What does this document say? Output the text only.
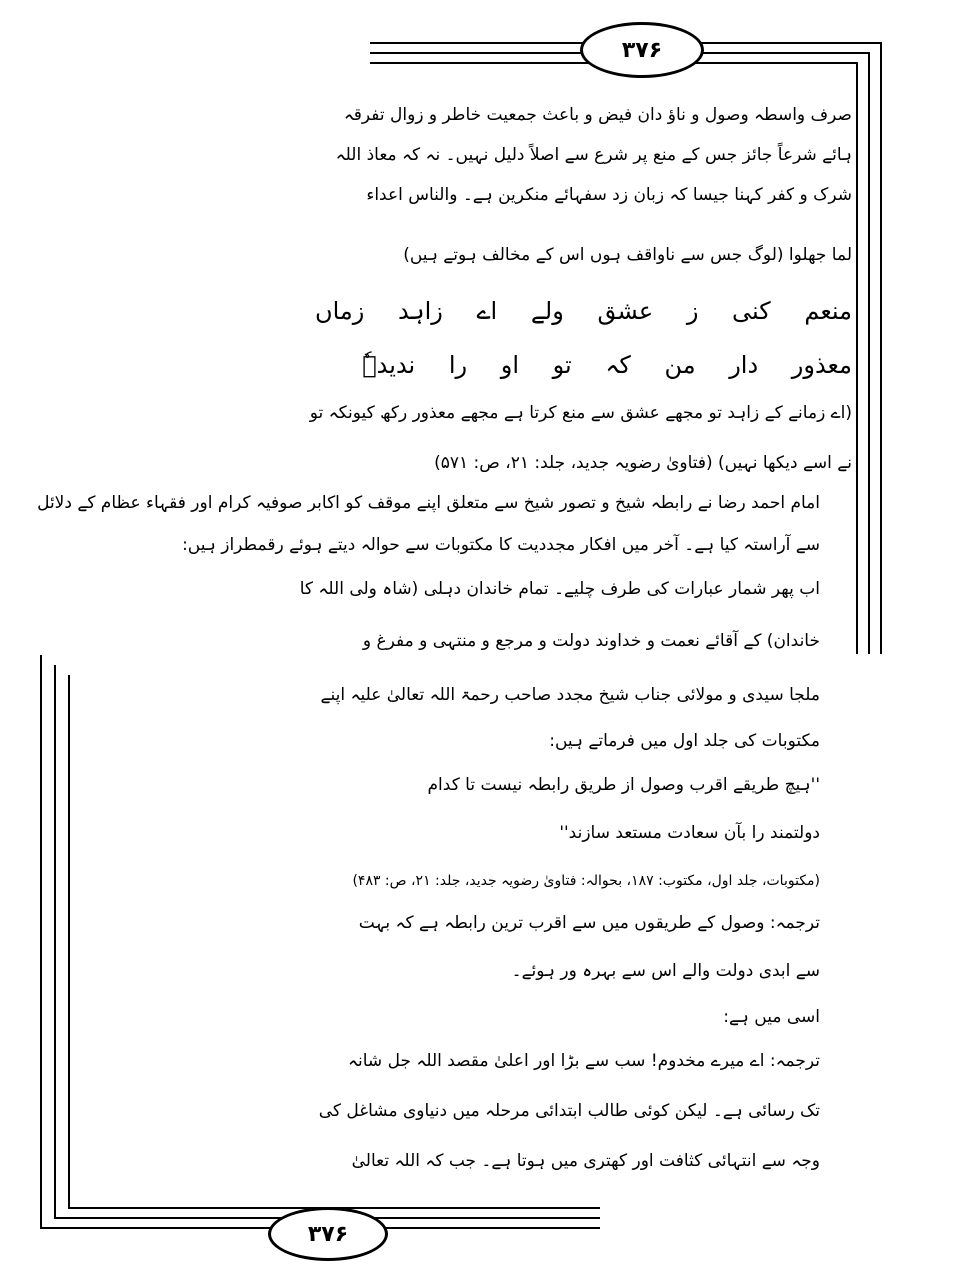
۳۷۶
۳۷۶
صرف واسطہ وصول و ناؤ دان فیض و باعث جمعیت خاطر و زوال تفرقہ
ہائے شرعاً جائز جس کے منع پر شرع سے اصلاً دلیل نہیں۔ نہ کہ معاذ اللہ
شرک و کفر کہنا جیسا کہ زبان زد سفہائے منکرین ہے۔ والناس اعداء
لما جھلوا (لوگ جس سے ناواقف ہوں اس کے مخالف ہوتے ہیں)
منعم کنی ز عشق ولے اے زاہد زماں
معذور دار من کہ تو او را ندیدہٗ
(اے زمانے کے زاہد تو مجھے عشق سے منع کرتا ہے مجھے معذور رکھ کیونکہ تو
نے اسے دیکھا نہیں) (فتاویٰ رضویہ جدید، جلد: ۲۱، ص: ۵۷۱)
امام احمد رضا نے رابطہ شیخ و تصور شیخ سے متعلق اپنے موقف کو اکابر صوفیہ کرام اور فقہاء عظام کے دلائل
سے آراستہ کیا ہے۔ آخر میں افکار مجددیت کا مکتوبات سے حوالہ دیتے ہوئے رقمطراز ہیں:
اب پھر شمار عبارات کی طرف چلیے۔ تمام خاندان دہلی (شاہ ولی اللہ کا
خاندان) کے آقائے نعمت و خداوند دولت و مرجع و منتہی و مفرغ و
ملجا سیدی و مولائی جناب شیخ مجدد صاحب رحمۃ اللہ تعالیٰ علیہ اپنے
مکتوبات کی جلد اول میں فرماتے ہیں:
''ہیچ طریقے اقرب وصول از طریق رابطہ نیست تا کدام
دولتمند را بآن سعادت مستعد سازند''
(مکتوبات، جلد اول، مکتوب: ۱۸۷، بحوالہ: فتاویٰ رضویہ جدید، جلد: ۲۱، ص: ۴۸۳)
ترجمہ: وصول کے طریقوں میں سے اقرب ترین رابطہ ہے کہ بہت
سے ابدی دولت والے اس سے بہرہ ور ہوئے۔
اسی میں ہے:
ترجمہ: اے میرے مخدوم! سب سے بڑا اور اعلیٰ مقصد اللہ جل شانہ
تک رسائی ہے۔ لیکن کوئی طالب ابتدائی مرحلہ میں دنیاوی مشاغل کی
وجہ سے انتہائی کثافت اور کھتری میں ہوتا ہے۔ جب کہ اللہ تعالیٰ
